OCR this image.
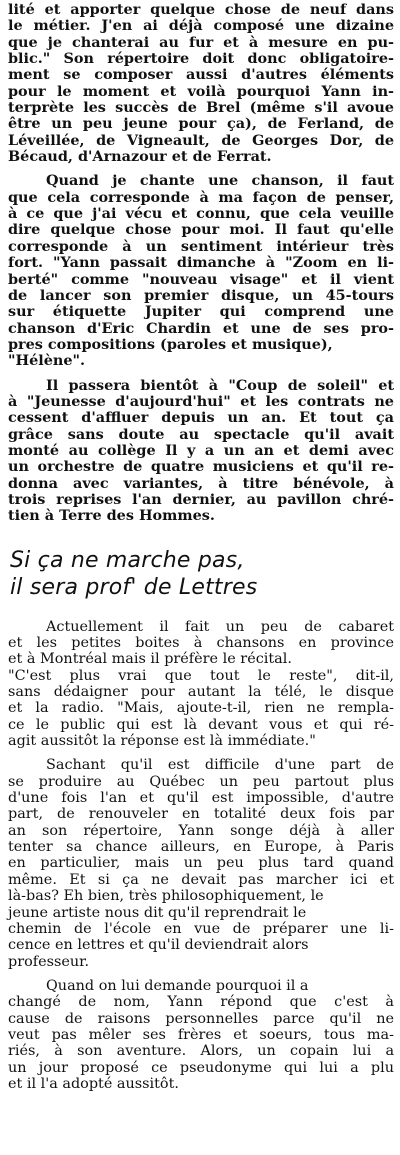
lité et apporter quelque chose de neuf dans
le métier. J'en ai déjà composé une dizaine
que je chanterai au fur et à mesure en pu-
blic." Son répertoire doit donc obligatoire-
ment se composer aussi d'autres éléments
pour le moment et voilà pourquoi Yann in-
terprète les succès de Brel (même s'il avoue
être un peu jeune pour ça), de Ferland, de
Léveillée, de Vigneault, de Georges Dor, de
Bécaud, d'Arnazour et de Ferrat.
Quand je chante une chanson, il faut
que cela corresponde à ma façon de penser,
à ce que j'ai vécu et connu, que cela veuille
dire quelque chose pour moi. Il faut qu'elle
corresponde à un sentiment intérieur très
fort. "Yann passait dimanche à "Zoom en li-
berté" comme "nouveau visage" et il vient
de lancer son premier disque, un 45-tours
sur étiquette Jupiter qui comprend une
chanson d'Eric Chardin et une de ses pro-
pres compositions (paroles et musique),
"Hélène".
Il passera bientôt à "Coup de soleil" et
à "Jeunesse d'aujourd'hui" et les contrats ne
cessent d'affluer depuis un an. Et tout ça
grâce sans doute au spectacle qu'il avait
monté au collège Il y a un an et demi avec
un orchestre de quatre musiciens et qu'il re-
donna avec variantes, à titre bénévole, à
trois reprises l'an dernier, au pavillon chré-
tien à Terre des Hommes.
Si ça ne marche pas,
il sera prof' de Lettres
Actuellement il fait un peu de cabaret
et les petites boites à chansons en province
et à Montréal mais il préfère le récital.
"C'est plus vrai que tout le reste", dit-il,
sans dédaigner pour autant la télé, le disque
et la radio. "Mais, ajoute-t-il, rien ne rempla-
ce le public qui est là devant vous et qui ré-
agit aussitôt la réponse est là immédiate."
Sachant qu'il est difficile d'une part de
se produire au Québec un peu partout plus
d'une fois l'an et qu'il est impossible, d'autre
part, de renouveler en totalité deux fois par
an son répertoire, Yann songe déjà à aller
tenter sa chance ailleurs, en Europe, à Paris
en particulier, mais un peu plus tard quand
même. Et si ça ne devait pas marcher ici et
là-bas? Eh bien, très philosophiquement, le
jeune artiste nous dit qu'il reprendrait le
chemin de l'école en vue de préparer une li-
cence en lettres et qu'il deviendrait alors
professeur.
Quand on lui demande pourquoi il a
changé de nom, Yann répond que c'est à
cause de raisons personnelles parce qu'il ne
veut pas mêler ses frères et soeurs, tous ma-
riés, à son aventure. Alors, un copain lui a
un jour proposé ce pseudonyme qui lui a plu
et il l'a adopté aussitôt.
